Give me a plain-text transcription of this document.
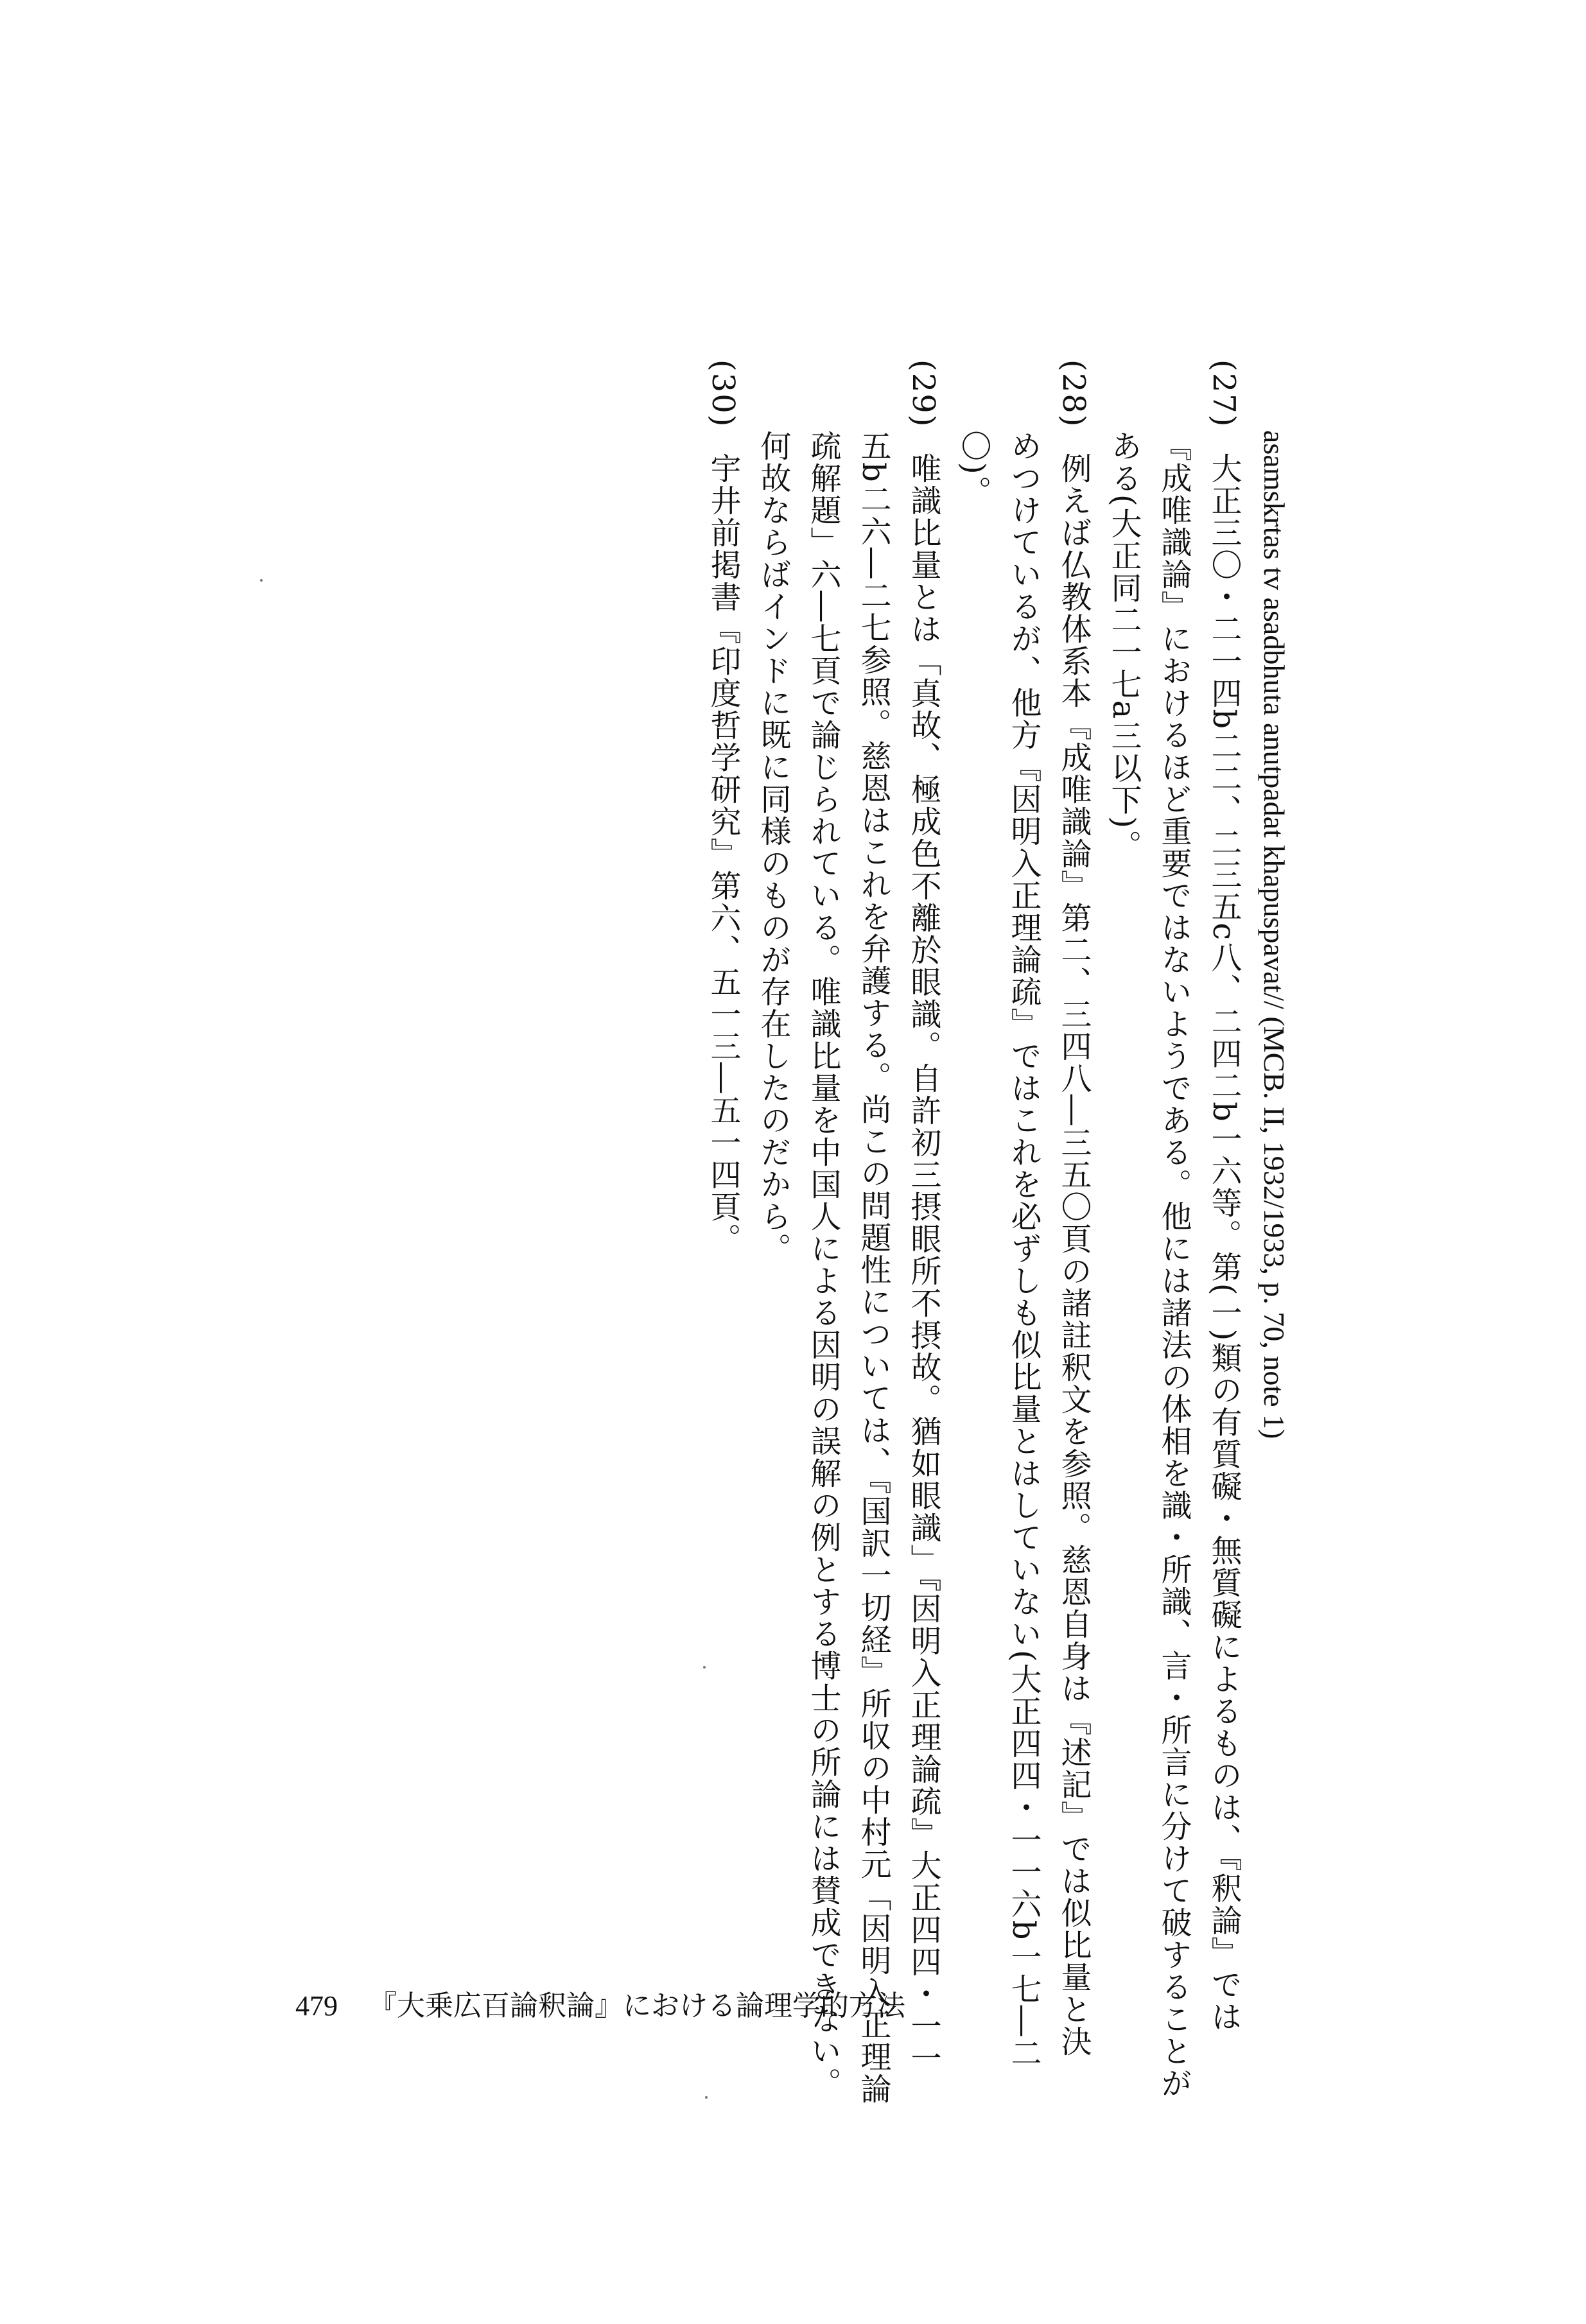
asamskrtas tv asadbhuta anutpadat khapuspavat// (MCB. II, 1932/1933, p. 70, note 1)
(27)大正三〇・二一四b二二、二三五c八、二四二b一六等。第(一)類の有質礙・無質礙によるものは、『釈論』では
『成唯識論』におけるほど重要ではないようである。他には諸法の体相を識・所識、言・所言に分けて破することが
ある(大正同二一七a三以下)。
(28)例えば仏教体系本『成唯識論』第二、三四八―三五〇頁の諸註釈文を参照。慈恩自身は『述記』では似比量と決
めつけているが、他方『因明入正理論疏』ではこれを必ずしも似比量とはしていない(大正四四・一一六b一七―二
〇)。
(29)唯識比量とは「真故、極成色不離於眼識。自許初三摂眼所不摂故。猶如眼識」『因明入正理論疏』大正四四・一一
五b二六―二七参照。慈恩はこれを弁護する。尚この問題性については、『国訳一切経』所収の中村元「因明入正理論
疏解題」六―七頁で論じられている。唯識比量を中国人による因明の誤解の例とする博士の所論には賛成できない。
何故ならばインドに既に同様のものが存在したのだから。
(30)宇井前掲書『印度哲学研究』第六、五一三―五一四頁。
479 『大乗広百論釈論』における論理学的方法
